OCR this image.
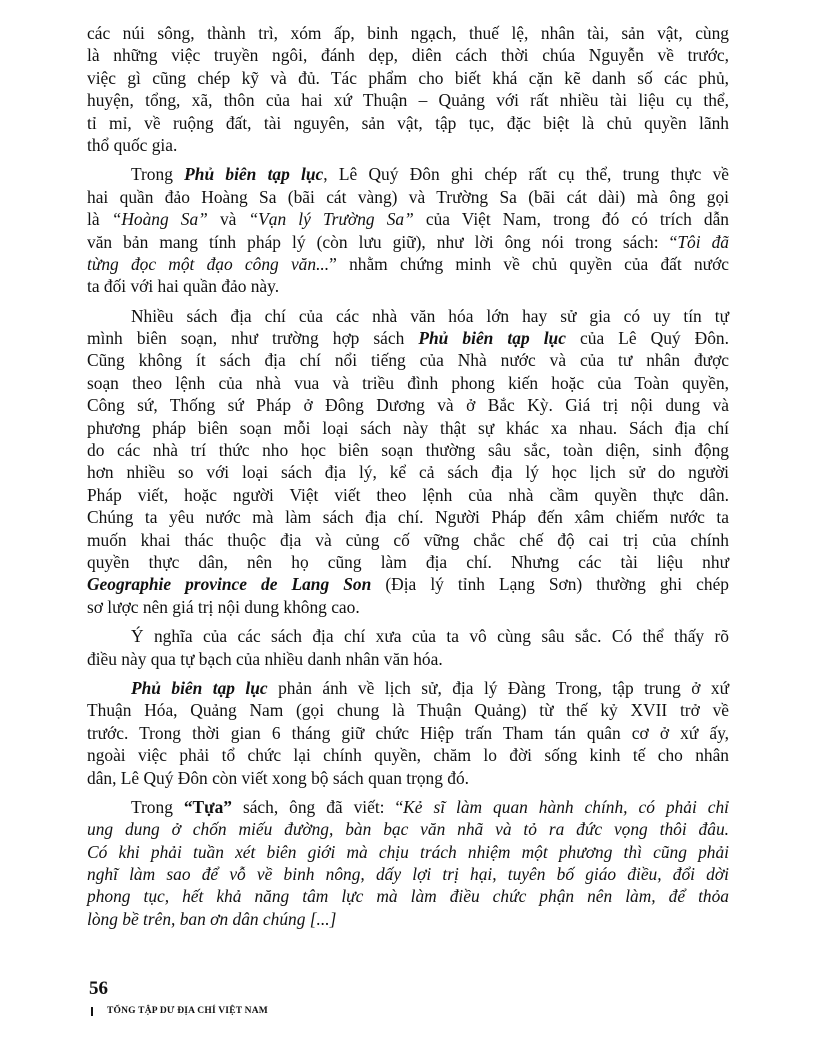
các núi sông, thành trì, xóm ấp, binh ngạch, thuế lệ, nhân tài, sản vật, cùng
là những việc truyền ngôi, đánh dẹp, diên cách thời chúa Nguyễn về trước,
việc gì cũng chép kỹ và đủ. Tác phẩm cho biết khá cặn kẽ danh số các phủ,
huyện, tổng, xã, thôn của hai xứ Thuận – Quảng với rất nhiều tài liệu cụ thể,
tỉ mỉ, về ruộng đất, tài nguyên, sản vật, tập tục, đặc biệt là chủ quyền lãnh
thổ quốc gia.
Trong Phủ biên tạp lục, Lê Quý Đôn ghi chép rất cụ thể, trung thực về
hai quần đảo Hoàng Sa (bãi cát vàng) và Trường Sa (bãi cát dài) mà ông gọi
là “Hoàng Sa” và “Vạn lý Trường Sa” của Việt Nam, trong đó có trích dẫn
văn bản mang tính pháp lý (còn lưu giữ), như lời ông nói trong sách: “Tôi đã
từng đọc một đạo công văn...” nhằm chứng minh về chủ quyền của đất nước
ta đối với hai quần đảo này.
Nhiều sách địa chí của các nhà văn hóa lớn hay sử gia có uy tín tự
mình biên soạn, như trường hợp sách Phủ biên tạp lục của Lê Quý Đôn.
Cũng không ít sách địa chí nổi tiếng của Nhà nước và của tư nhân được
soạn theo lệnh của nhà vua và triều đình phong kiến hoặc của Toàn quyền,
Công sứ, Thống sứ Pháp ở Đông Dương và ở Bắc Kỳ. Giá trị nội dung và
phương pháp biên soạn mỗi loại sách này thật sự khác xa nhau. Sách địa chí
do các nhà trí thức nho học biên soạn thường sâu sắc, toàn diện, sinh động
hơn nhiều so với loại sách địa lý, kể cả sách địa lý học lịch sử do người
Pháp viết, hoặc người Việt viết theo lệnh của nhà cầm quyền thực dân.
Chúng ta yêu nước mà làm sách địa chí. Người Pháp đến xâm chiếm nước ta
muốn khai thác thuộc địa và củng cố vững chắc chế độ cai trị của chính
quyền thực dân, nên họ cũng làm địa chí. Nhưng các tài liệu như
Geographie province de Lang Son (Địa lý tỉnh Lạng Sơn) thường ghi chép
sơ lược nên giá trị nội dung không cao.
Ý nghĩa của các sách địa chí xưa của ta vô cùng sâu sắc. Có thể thấy rõ
điều này qua tự bạch của nhiều danh nhân văn hóa.
Phủ biên tạp lục phản ánh về lịch sử, địa lý Đàng Trong, tập trung ở xứ
Thuận Hóa, Quảng Nam (gọi chung là Thuận Quảng) từ thế kỷ XVII trở về
trước. Trong thời gian 6 tháng giữ chức Hiệp trấn Tham tán quân cơ ở xứ ấy,
ngoài việc phải tổ chức lại chính quyền, chăm lo đời sống kinh tế cho nhân
dân, Lê Quý Đôn còn viết xong bộ sách quan trọng đó.
Trong “Tựa” sách, ông đã viết: “Kẻ sĩ làm quan hành chính, có phải chỉ
ung dung ở chốn miếu đường, bàn bạc văn nhã và tỏ ra đức vọng thôi đâu.
Có khi phải tuần xét biên giới mà chịu trách nhiệm một phương thì cũng phải
nghĩ làm sao để vỗ về binh nông, dấy lợi trị hại, tuyên bố giáo điều, đổi dời
phong tục, hết khả năng tâm lực mà làm điều chức phận nên làm, để thỏa
lòng bề trên, ban ơn dân chúng [...]
56
TỔNG TẬP DƯ ĐỊA CHÍ VIỆT NAM
